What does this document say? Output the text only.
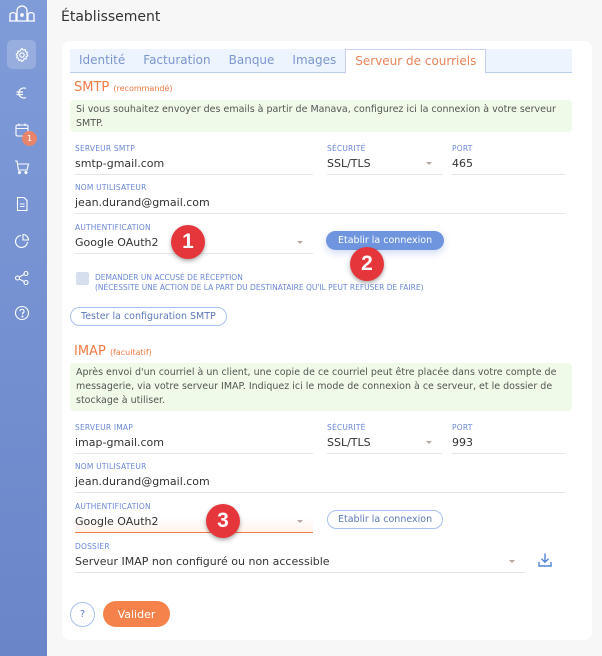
1
Établissement
Identité	Facturation	Banque	Images	Serveur de courriels
SMTP (recommandé)
Si vous souhaitez envoyer des emails à partir de Manava, configurez ici la connexion à votre serveur SMTP.
SERVEUR SMTP
smtp-gmail.com
SÉCURITÉ
SSL/TLS
PORT
465
NOM UTILISATEUR
jean.durand@gmail.com
AUTHENTIFICATION
Google OAuth2	Etablir la connexion
DEMANDER UN ACCUSÉ DE RÉCEPTION
(NÉCESSITE UNE ACTION DE LA PART DU DESTINATAIRE QU'IL PEUT REFUSER DE FAIRE)
Tester la configuration SMTP
IMAP (facultatif)
Après envoi d'un courriel à un client, une copie de ce courriel peut être placée dans votre compte de messagerie, via votre serveur IMAP. Indiquez ici le mode de connexion à ce serveur, et le dossier de stockage à utiliser.
SERVEUR IMAP
imap-gmail.com
SÉCURITÉ
SSL/TLS
PORT
993
NOM UTILISATEUR
jean.durand@gmail.com
AUTHENTIFICATION
Google OAuth2	Etablir la connexion
DOSSIER
Serveur IMAP non configuré ou non accessible
?	Valider
1
2
3
